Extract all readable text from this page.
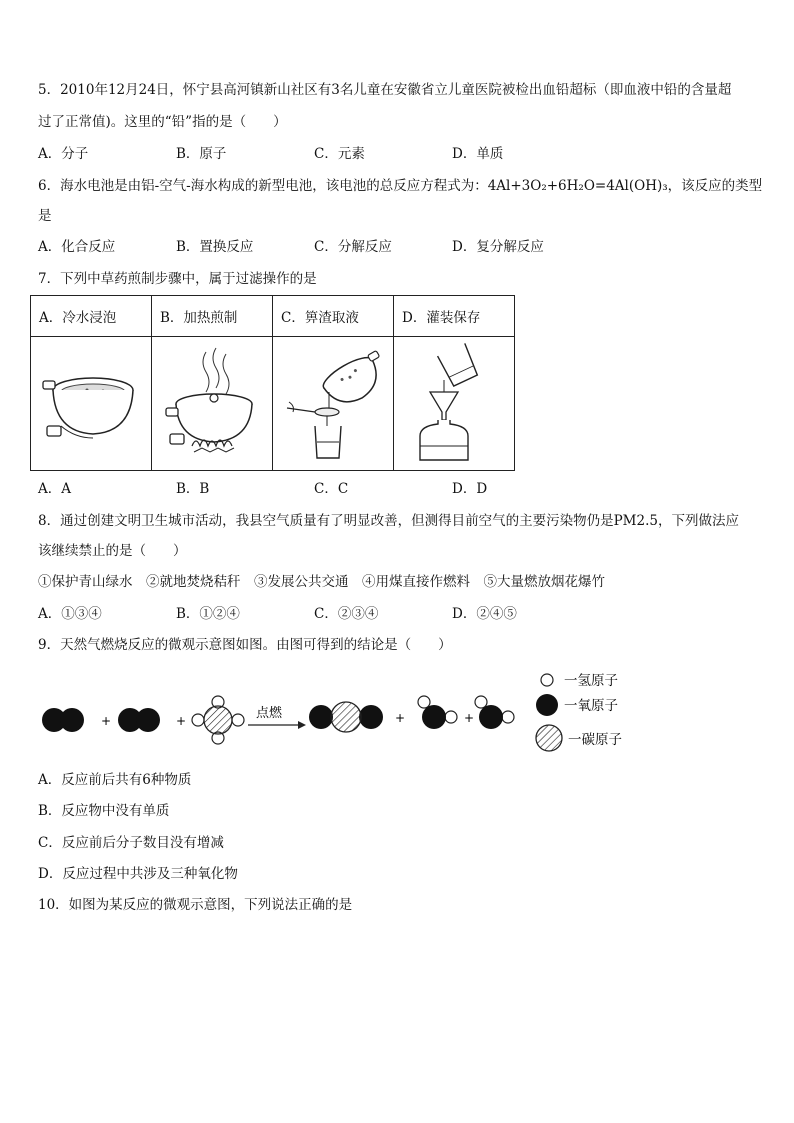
5．2010年12月24日，怀宁县高河镇新山社区有3名儿童在安徽省立儿童医院被检出血铅超标（即血液中铅的含量超
过了正常值)。这里的“铅”指的是（　　）
A．分子	B．原子	C．元素	D．单质
6．海水电池是由铝-空气-海水构成的新型电池，该电池的总反应方程式为：4Al+3O₂+6H₂O=4Al(OH)₃，该反应的类型
是
A．化合反应	B．置换反应	C．分解反应	D．复分解反应
7．下列中草药煎制步骤中，属于过滤操作的是
A．冷水浸泡	B．加热煎制	C．箅渣取液	D．灌装保存

A．A	B．B	C．C	D．D
8．通过创建文明卫生城市活动，我县空气质量有了明显改善，但测得目前空气的主要污染物仍是PM2.5，下列做法应
该继续禁止的是（　　）
①保护青山绿水　②就地焚烧秸秆　③发展公共交通　④用煤直接作燃料　⑤大量燃放烟花爆竹
A．①③④	B．①②④	C．②③④	D．②④⑤
9．天然气燃烧反应的微观示意图如图。由图可得到的结论是（　　）
+	+	点燃	+	+
一氢原子
一氧原子
一碳原子
A．反应前后共有6种物质
B．反应物中没有单质
C．反应前后分子数目没有增减
D．反应过程中共涉及三种氧化物
10．如图为某反应的微观示意图，下列说法正确的是
